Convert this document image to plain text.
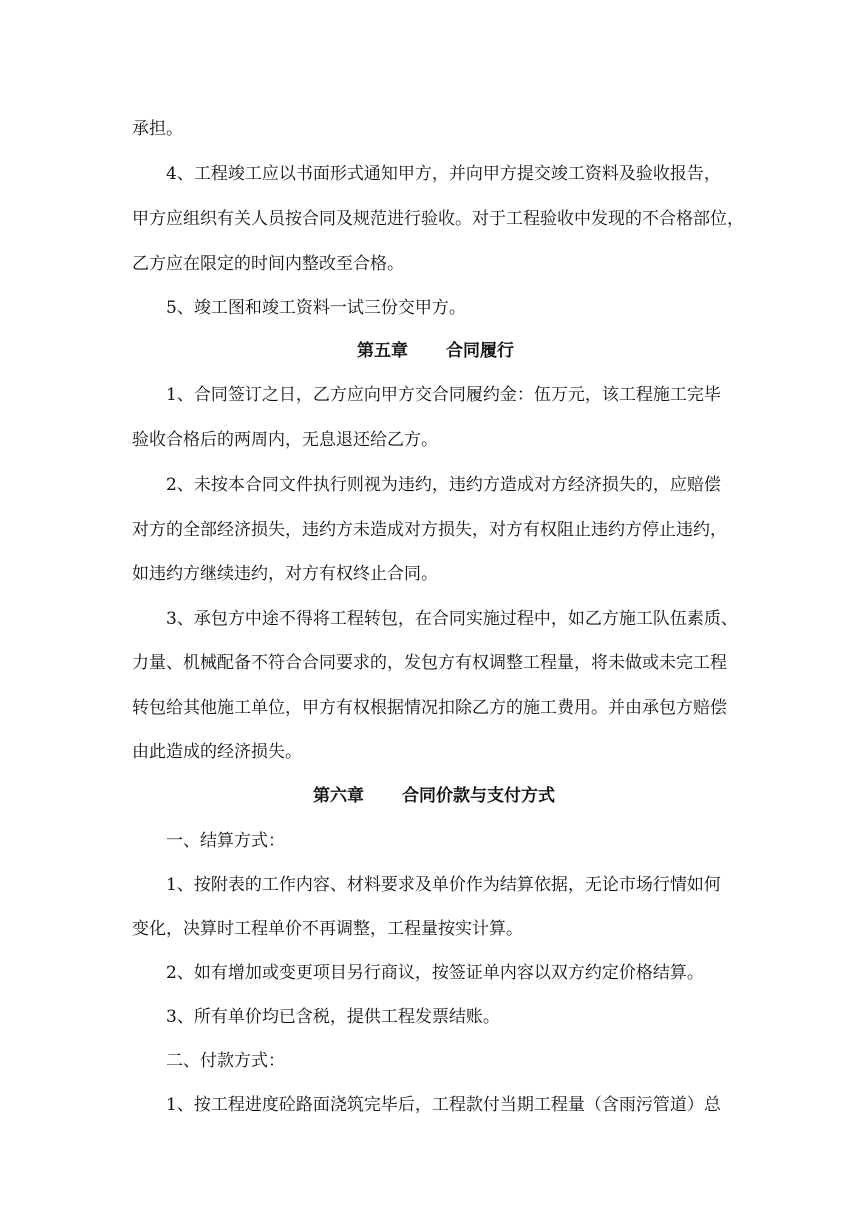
承担。
4、工程竣工应以书面形式通知甲方，并向甲方提交竣工资料及验收报告，
甲方应组织有关人员按合同及规范进行验收。对于工程验收中发现的不合格部位，
乙方应在限定的时间内整改至合格。
5、竣工图和竣工资料一试三份交甲方。
第五章 合同履行
1、合同签订之日，乙方应向甲方交合同履约金：伍万元，该工程施工完毕
验收合格后的两周内，无息退还给乙方。
2、未按本合同文件执行则视为违约，违约方造成对方经济损失的，应赔偿
对方的全部经济损失，违约方未造成对方损失，对方有权阻止违约方停止违约，
如违约方继续违约，对方有权终止合同。
3、承包方中途不得将工程转包，在合同实施过程中，如乙方施工队伍素质、
力量、机械配备不符合合同要求的，发包方有权调整工程量，将未做或未完工程
转包给其他施工单位，甲方有权根据情况扣除乙方的施工费用。并由承包方赔偿
由此造成的经济损失。
第六章 合同价款与支付方式
一、结算方式：
1、按附表的工作内容、材料要求及单价作为结算依据，无论市场行情如何
变化，决算时工程单价不再调整，工程量按实计算。
2、如有增加或变更项目另行商议，按签证单内容以双方约定价格结算。
3、所有单价均已含税，提供工程发票结账。
二、付款方式：
1、按工程进度砼路面浇筑完毕后，工程款付当期工程量（含雨污管道）总
